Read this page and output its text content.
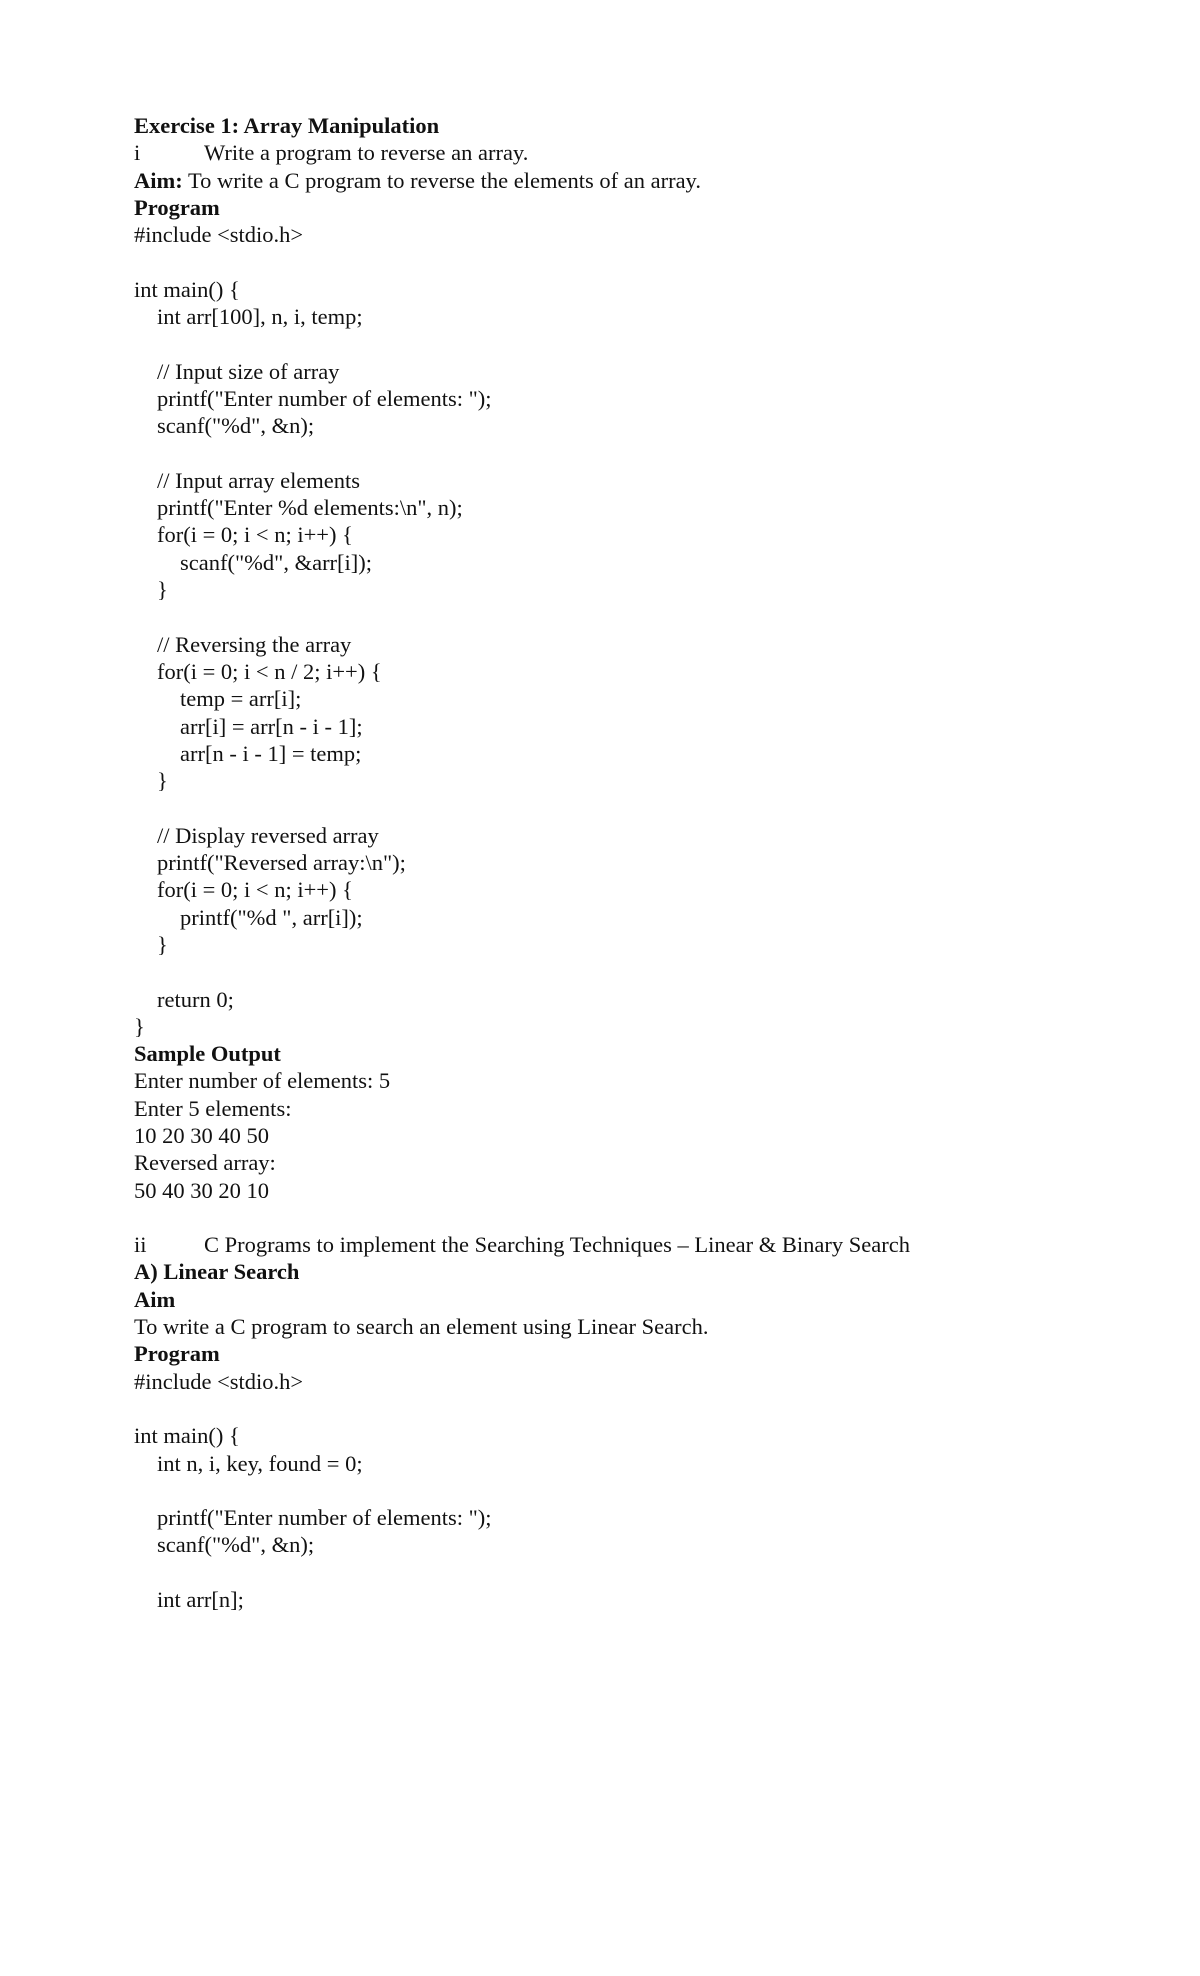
Exercise 1: Array Manipulation
i	Write a program to reverse an array.
Aim: To write a C program to reverse the elements of an array.
Program
#include <stdio.h>
int main() {
int arr[100], n, i, temp;
// Input size of array
printf("Enter number of elements: ");
scanf("%d", &n);
// Input array elements
printf("Enter %d elements:\n", n);
for(i = 0; i < n; i++) {
scanf("%d", &arr[i]);
}
// Reversing the array
for(i = 0; i < n / 2; i++) {
temp = arr[i];
arr[i] = arr[n - i - 1];
arr[n - i - 1] = temp;
}
// Display reversed array
printf("Reversed array:\n");
for(i = 0; i < n; i++) {
printf("%d ", arr[i]);
}
return 0;
}
Sample Output
Enter number of elements: 5
Enter 5 elements:
10 20 30 40 50
Reversed array:
50 40 30 20 10
ii	C Programs to implement the Searching Techniques – Linear & Binary Search
A) Linear Search
Aim
To write a C program to search an element using Linear Search.
Program
#include <stdio.h>
int main() {
int n, i, key, found = 0;
printf("Enter number of elements: ");
scanf("%d", &n);
int arr[n];
